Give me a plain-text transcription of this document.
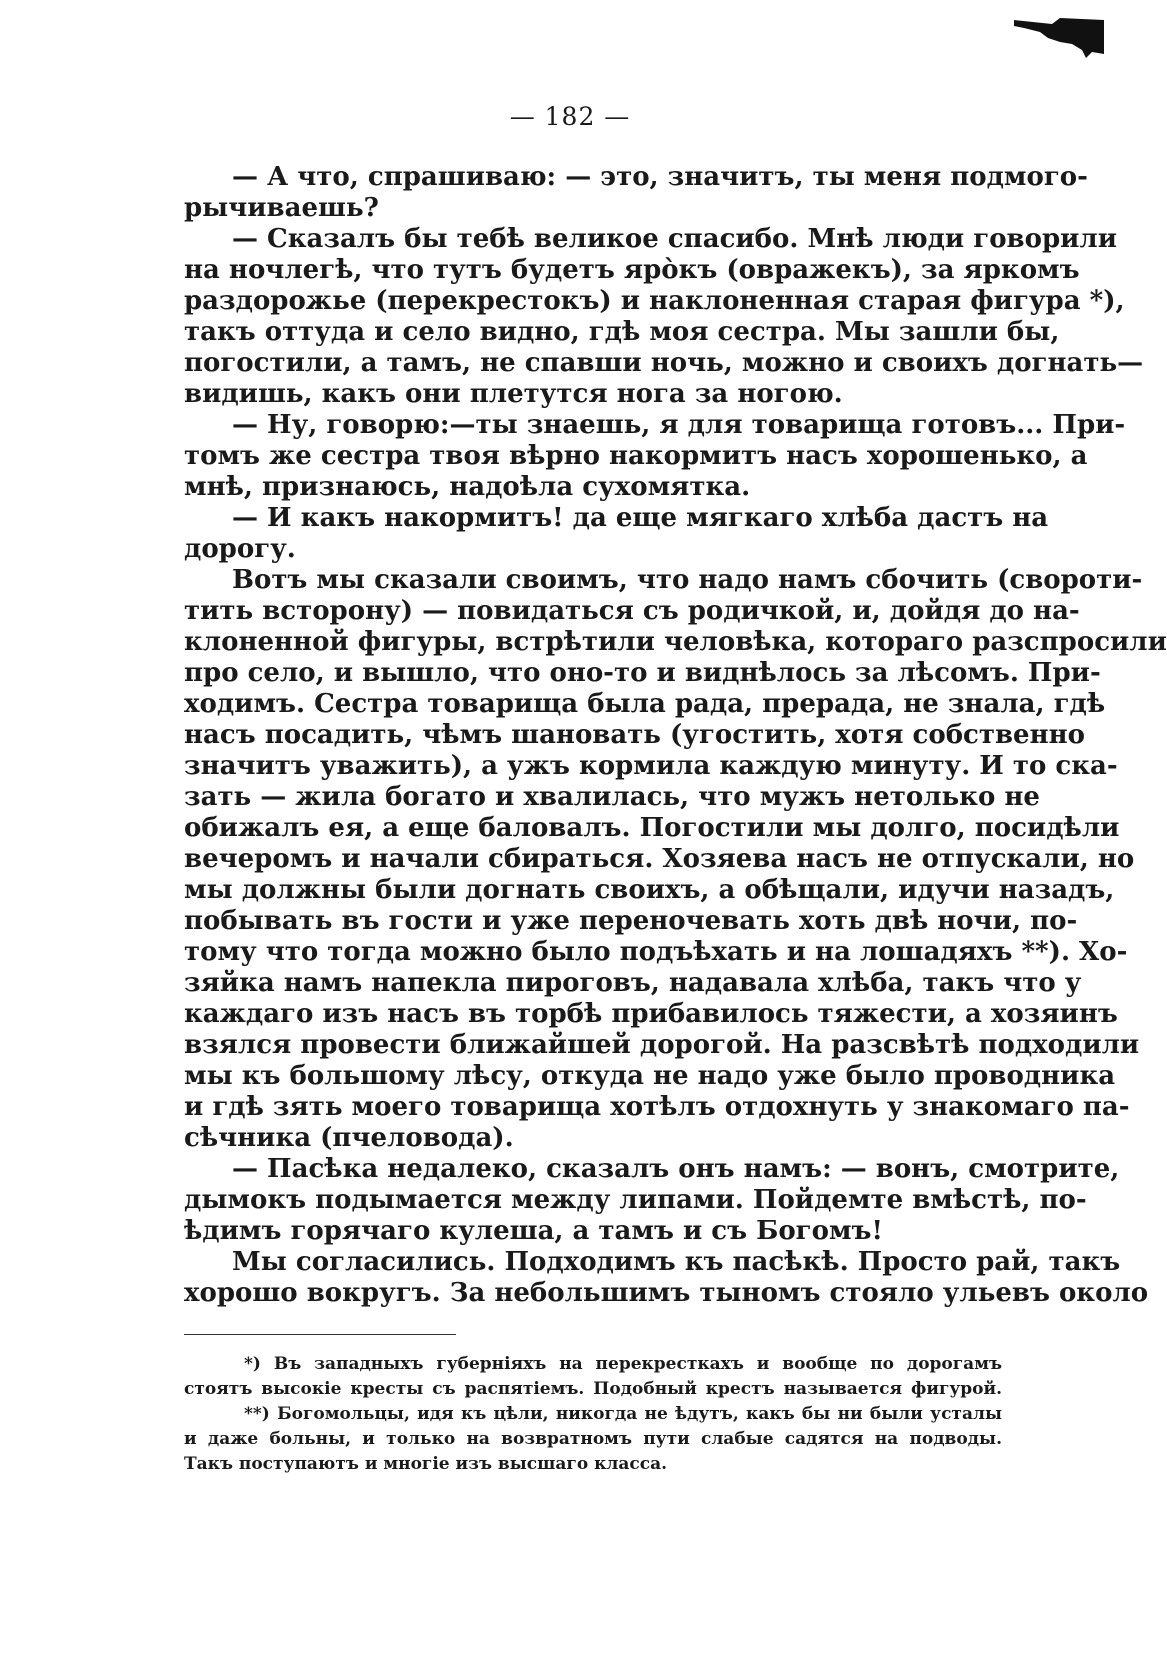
— 182 —
— А что, спрашиваю: — это, значитъ, ты меня подмого-
рычиваешь?
— Сказалъ бы тебѣ великое спасибо. Мнѣ люди говорили
на ночлегѣ, что тутъ будетъ ярòкъ (овражекъ), за яркомъ
раздорожье (перекрестокъ) и наклоненная старая фигура *),
такъ оттуда и село видно, гдѣ моя сестра. Мы зашли бы,
погостили, а тамъ, не спавши ночь, можно и своихъ догнать—
видишь, какъ они плетутся нога за ногою.
— Ну, говорю:—ты знаешь, я для товарища готовъ... При-
томъ же сестра твоя вѣрно накормитъ насъ хорошенько, а
мнѣ, признаюсь, надоѣла сухомятка.
— И какъ накормитъ! да еще мягкаго хлѣба дастъ на
дорогу.
Вотъ мы сказали своимъ, что надо намъ сбочить (свороти-
тить всторону) — повидаться съ родичкой, и, дойдя до на-
клоненной фигуры, встрѣтили человѣка, котораго разспросили
про село, и вышло, что оно-то и виднѣлось за лѣсомъ. При-
ходимъ. Сестра товарища была рада, прерада, не знала, гдѣ
насъ посадить, чѣмъ шановать (угостить, хотя собственно
значитъ уважить), а ужъ кормила каждую минуту. И то ска-
зать — жила богато и хвалилась, что мужъ нетолько не
обижалъ ея, а еще баловалъ. Погостили мы долго, посидѣли
вечеромъ и начали сбираться. Хозяева насъ не отпускали, но
мы должны были догнать своихъ, а обѣщали, идучи назадъ,
побывать въ гости и уже переночевать хоть двѣ ночи, по-
тому что тогда можно было подъѣхать и на лошадяхъ **). Хо-
зяйка намъ напекла пироговъ, надавала хлѣба, такъ что у
каждаго изъ насъ въ торбѣ прибавилось тяжести, а хозяинъ
взялся провести ближайшей дорогой. На разсвѣтѣ подходили
мы къ большому лѣсу, откуда не надо уже было проводника
и гдѣ зять моего товарища хотѣлъ отдохнуть у знакомаго па-
сѣчника (пчеловода).
— Пасѣка недалеко, сказалъ онъ намъ: — вонъ, смотрите,
дымокъ подымается между липами. Пойдемте вмѣстѣ, по-
ѣдимъ горячаго кулеша, а тамъ и съ Богомъ!
Мы согласились. Подходимъ къ пасѣкѣ. Просто рай, такъ
хорошо вокругъ. За небольшимъ тыномъ стояло ульевъ около
*) Въ западныхъ губерніяхъ на перекресткахъ и вообще по дорогамъ
стоятъ высокіе кресты съ распятіемъ. Подобный крестъ называется фигурой.
**) Богомольцы, идя къ цѣли, никогда не ѣдутъ, какъ бы ни были усталы
и даже больны, и только на возвратномъ пути слабые садятся на подводы.
Такъ поступаютъ и многіе изъ высшаго класса.
